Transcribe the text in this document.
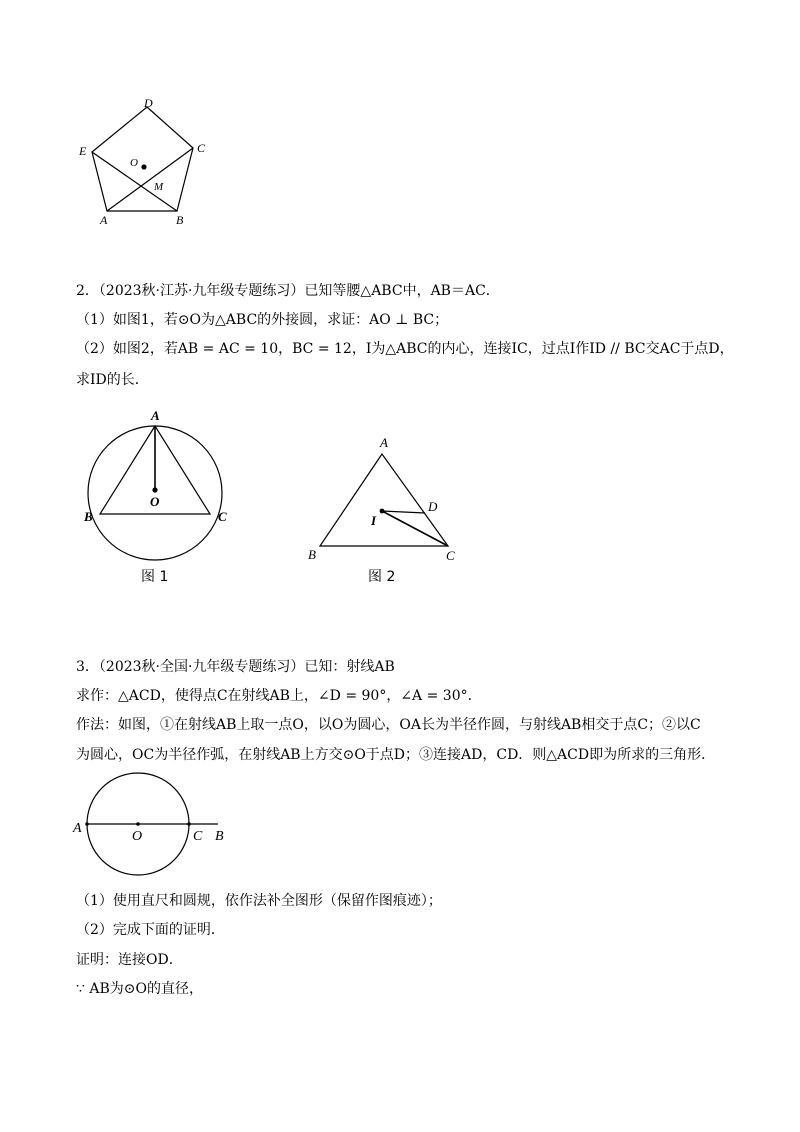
D
E	C
O
M
A	B
2．（2023秋·江苏·九年级专题练习）已知等腰△ABC中，AB＝AC．
（1）如图1，若⊙O为△ABC的外接圆，求证：AO ⊥ BC；
（2）如图2，若AB = AC = 10，BC = 12，I为△ABC的内心，连接IC，过点I作ID // BC交AC于点D，
求ID的长．
A
O
B	C
图 1
A
D
I
B	C
图 2
3．（2023秋·全国·九年级专题练习）已知：射线AB
求作：△ACD，使得点C在射线AB上，∠D = 90°，∠A = 30°．
作法：如图，①在射线AB上取一点O，以O为圆心，OA长为半径作圆，与射线AB相交于点C；②以C
为圆心，OC为半径作弧，在射线AB上方交⊙O于点D；③连接AD，CD．则△ACD即为所求的三角形．
A
O	C B
（1）使用直尺和圆规，依作法补全图形（保留作图痕迹）；
（2）完成下面的证明．
证明：连接OD．
∵ AB为⊙O的直径，
